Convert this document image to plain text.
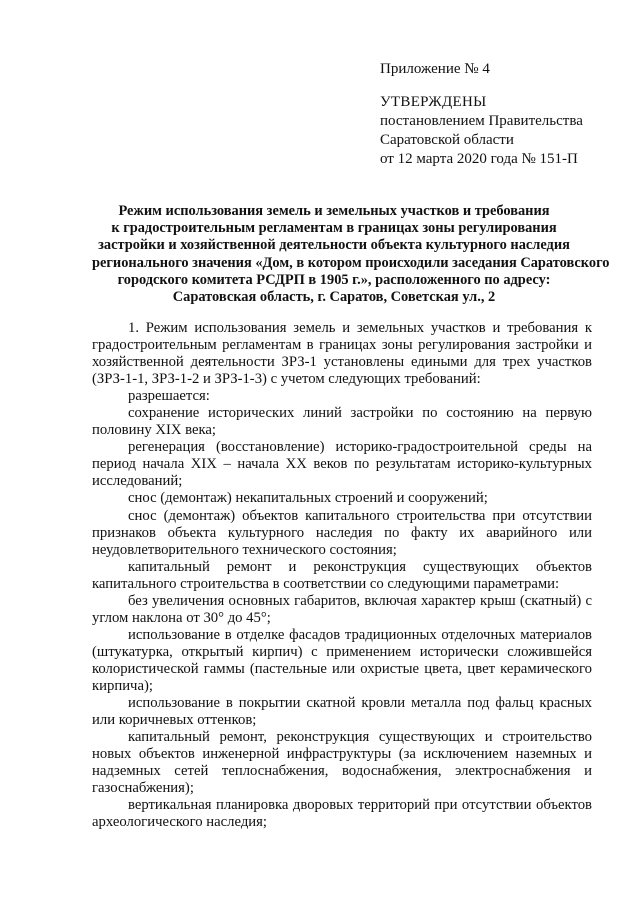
Приложение № 4
УТВЕРЖДЕНЫ
постановлением Правительства
Саратовской области
от 12 марта 2020 года № 151-П
Режим использования земель и земельных участков и требования
к градостроительным регламентам в границах зоны регулирования
застройки и хозяйственной деятельности объекта культурного наследия
регионального значения «Дом, в котором происходили заседания Саратовского
городского комитета РСДРП в 1905 г.», расположенного по адресу:
Саратовская область, г. Саратов, Советская ул., 2

1. Режим использования земель и земельных участков и требования к градостроительным регламентам в границах зоны регулирования застройки и хозяйственной деятельности ЗРЗ-1 установлены едиными для трех участков (ЗРЗ-1-1, ЗРЗ-1-2 и ЗРЗ-1-3) с учетом следующих требований:

разрешается:

сохранение исторических линий застройки по состоянию на первую половину XIX века;

регенерация (восстановление) историко-градостроительной среды на период начала XIX – начала XX веков по результатам историко-культурных исследований;

снос (демонтаж) некапитальных строений и сооружений;

снос (демонтаж) объектов капитального строительства при отсутствии признаков объекта культурного наследия по факту их аварийного или неудовлетворительного технического состояния;

капитальный ремонт и реконструкция существующих объектов капитального строительства в соответствии со следующими параметрами:

без увеличения основных габаритов, включая характер крыш (скатный) с углом наклона от 30° до 45°;

использование в отделке фасадов традиционных отделочных материалов (штукатурка, открытый кирпич) с применением исторически сложившейся колористической гаммы (пастельные или охристые цвета, цвет керамического кирпича);

использование в покрытии скатной кровли металла под фальц красных или коричневых оттенков;

капитальный ремонт, реконструкция существующих и строительство новых объектов инженерной инфраструктуры (за исключением наземных и надземных сетей теплоснабжения, водоснабжения, электроснабжения и газоснабжения);

вертикальная планировка дворовых территорий при отсутствии объектов археологического наследия;
